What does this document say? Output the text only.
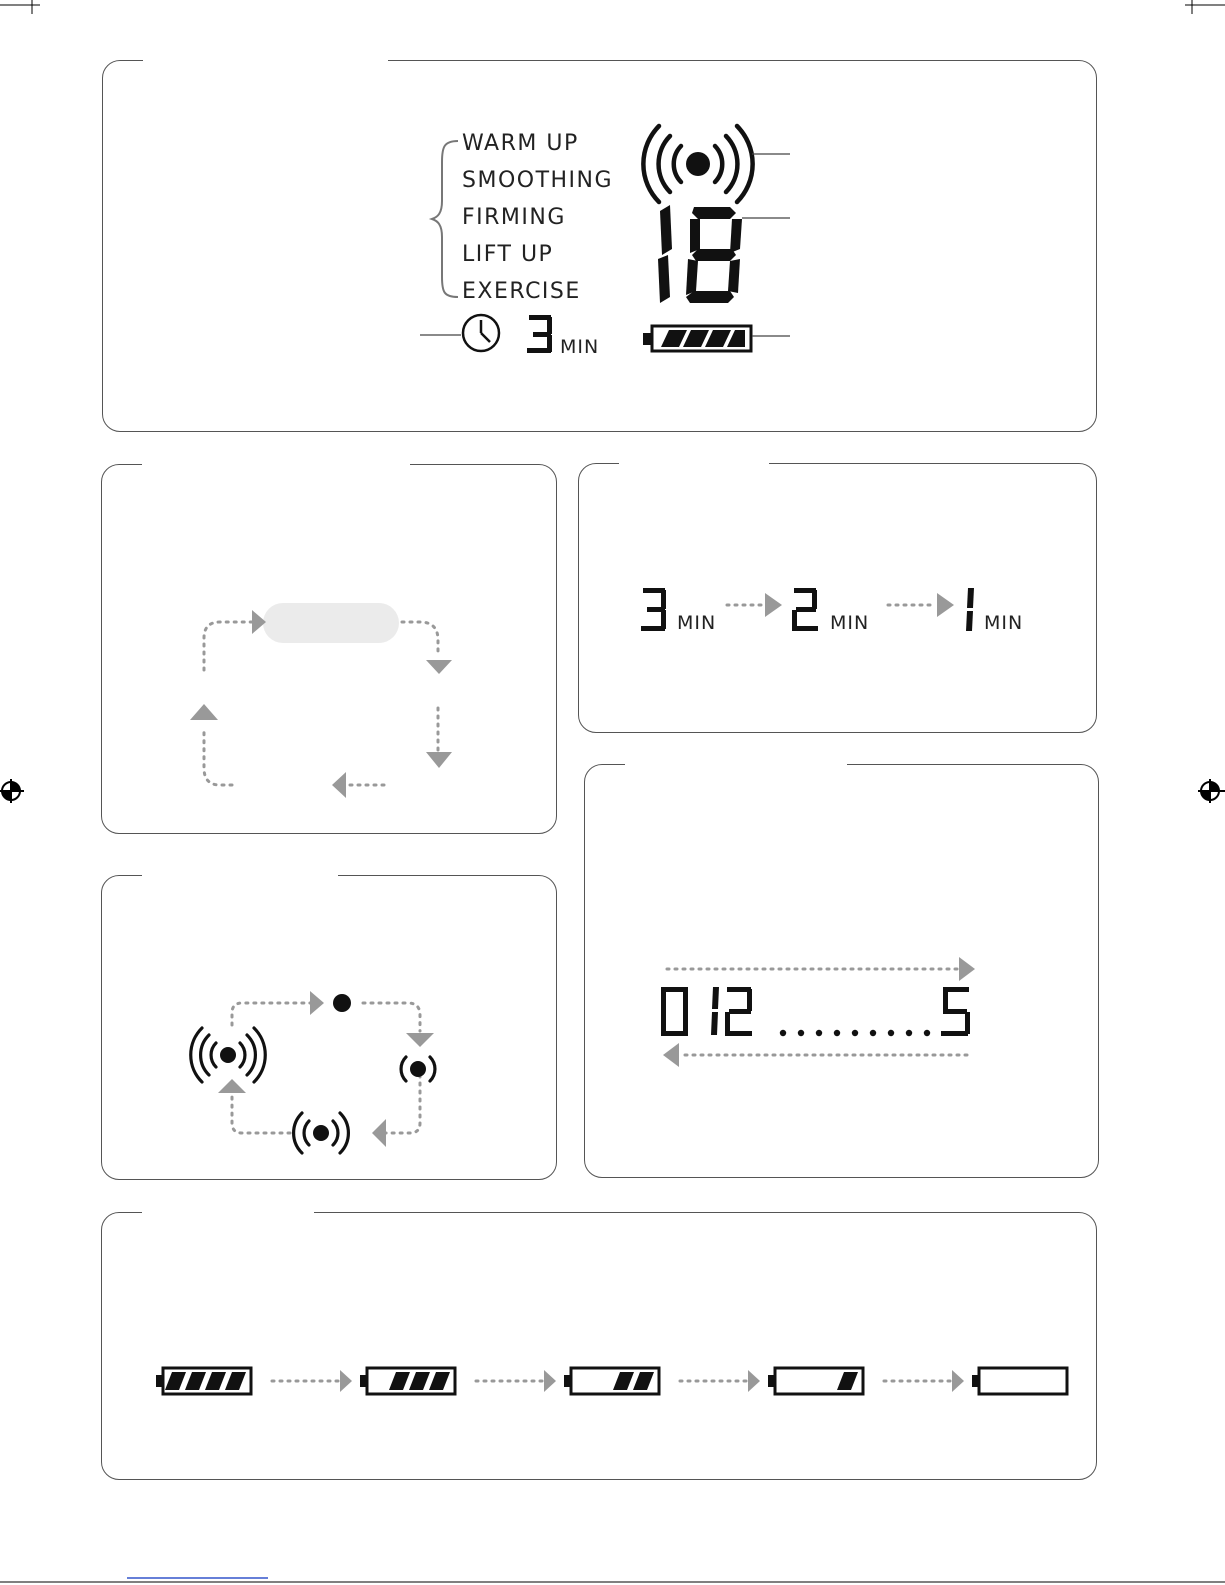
WARM UP
SMOOTHING
FIRMING
LIFT UP
EXERCISE
MIN
MIN	MIN	MIN
